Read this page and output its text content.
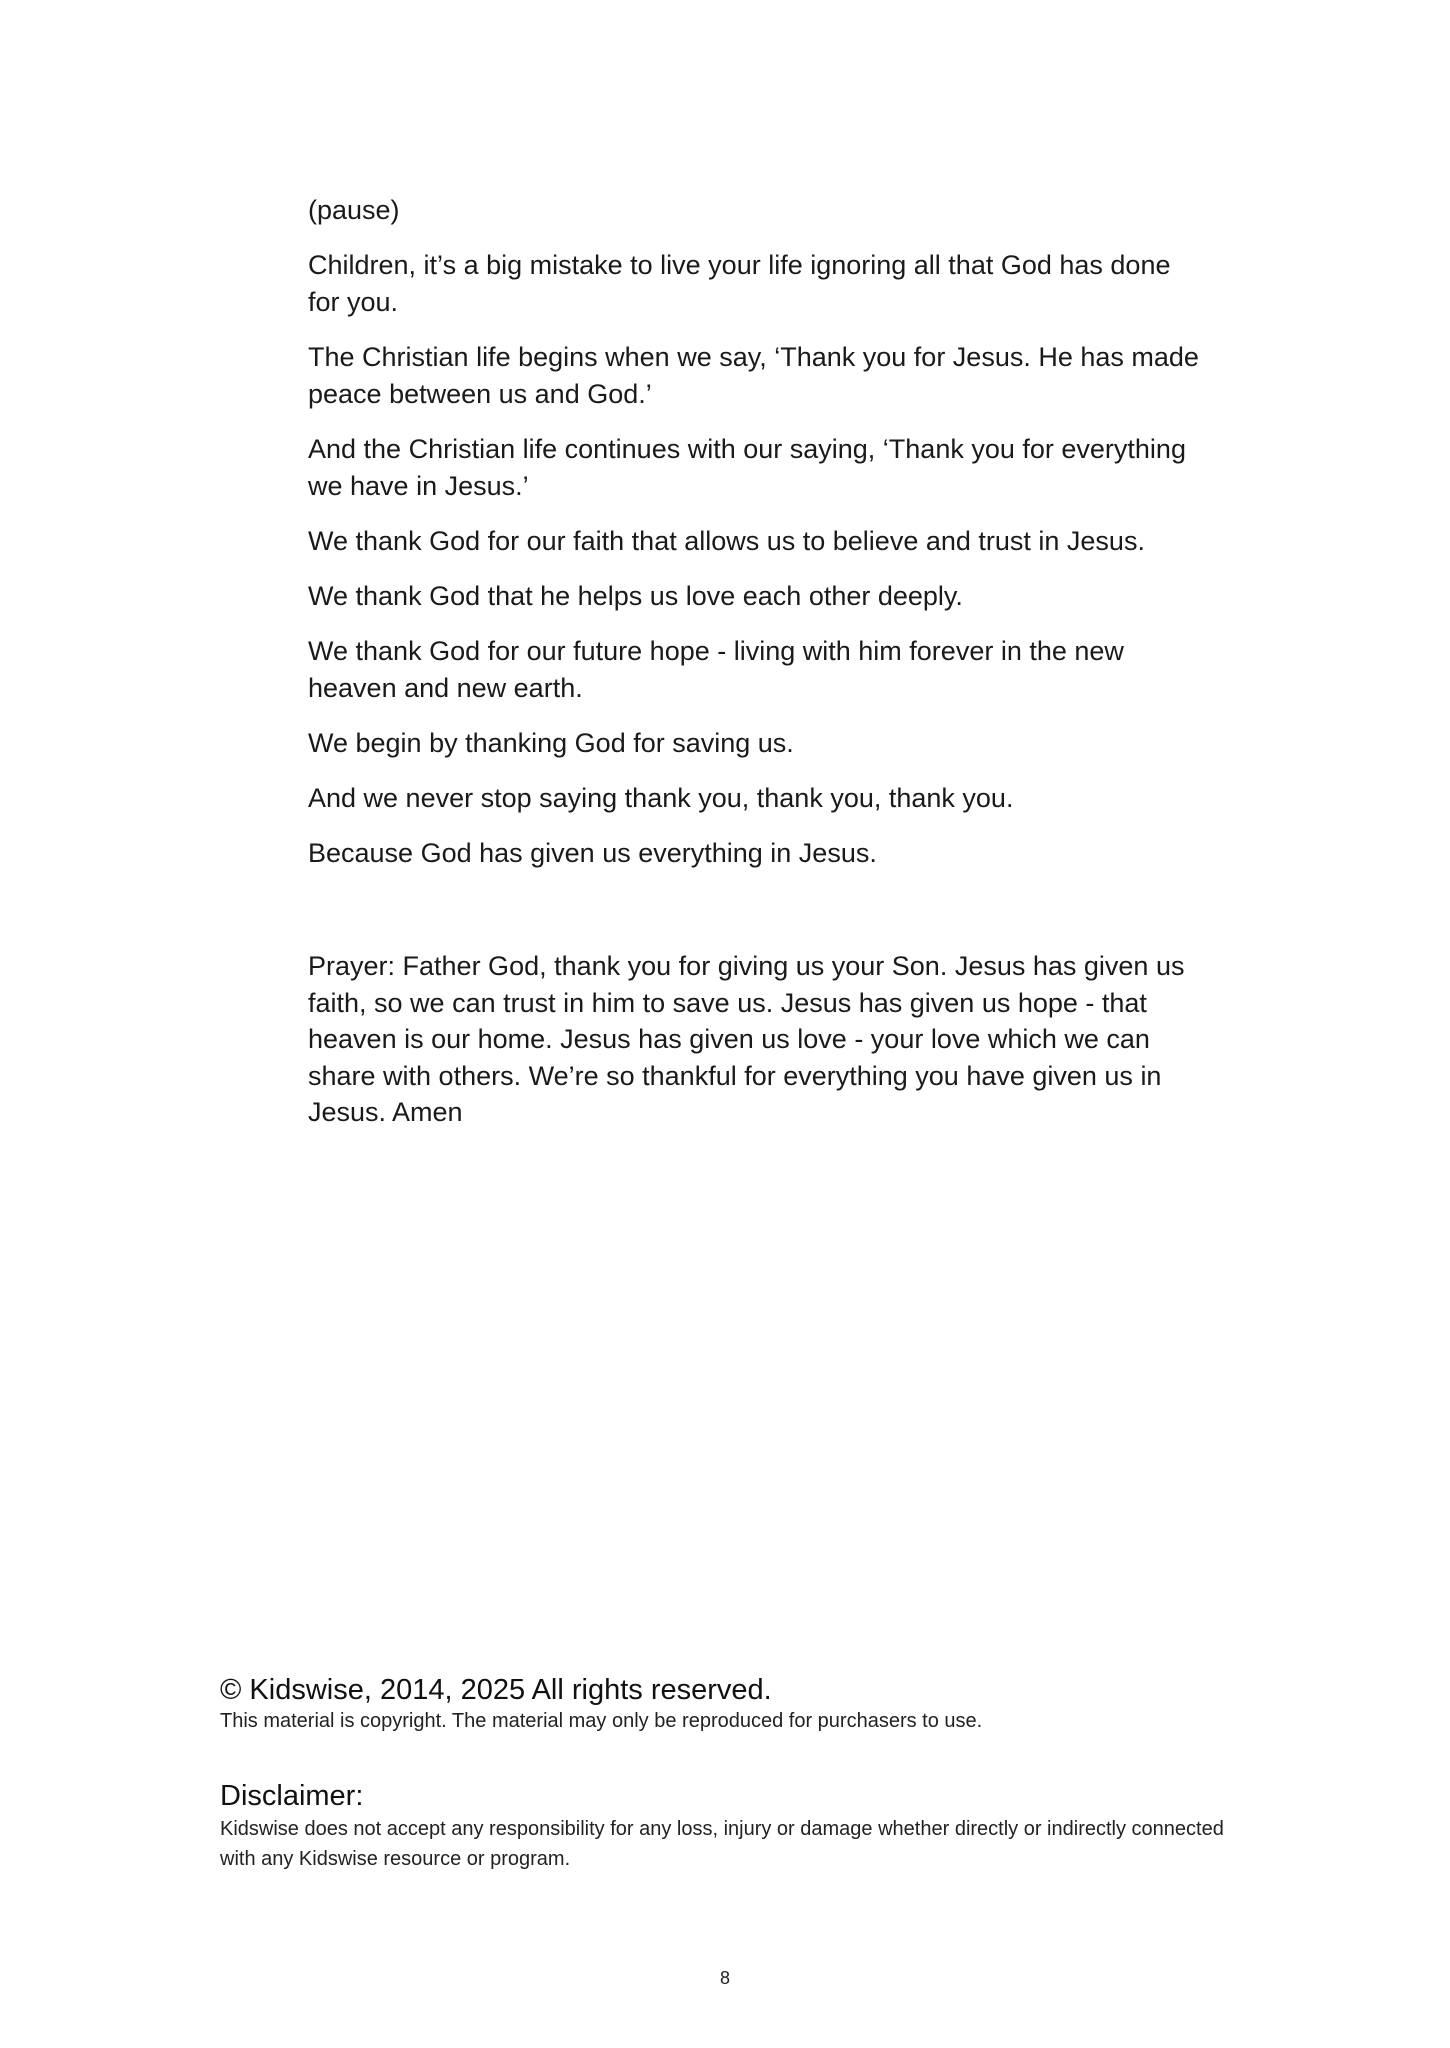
(pause)

Children, it’s a big mistake to live your life ignoring all that God has done for you.

The Christian life begins when we say, ‘Thank you for Jesus. He has made peace between us and God.’

And the Christian life continues with our saying, ‘Thank you for everything we have in Jesus.’

We thank God for our faith that allows us to believe and trust in Jesus.

We thank God that he helps us love each other deeply.

We thank God for our future hope - living with him forever in the new heaven and new earth.

We begin by thanking God for saving us.

And we never stop saying thank you, thank you, thank you.

Because God has given us everything in Jesus.

Prayer: Father God, thank you for giving us your Son. Jesus has given us faith, so we can trust in him to save us. Jesus has given us hope - that heaven is our home. Jesus has given us love - your love which we can share with others. We’re so thankful for everything you have given us in Jesus. Amen

© Kidswise, 2014, 2025 All rights reserved.

This material is copyright. The material may only be reproduced for purchasers to use.

Disclaimer:

Kidswise does not accept any responsibility for any loss, injury or damage whether directly or indirectly connected with any Kidswise resource or program.

8
